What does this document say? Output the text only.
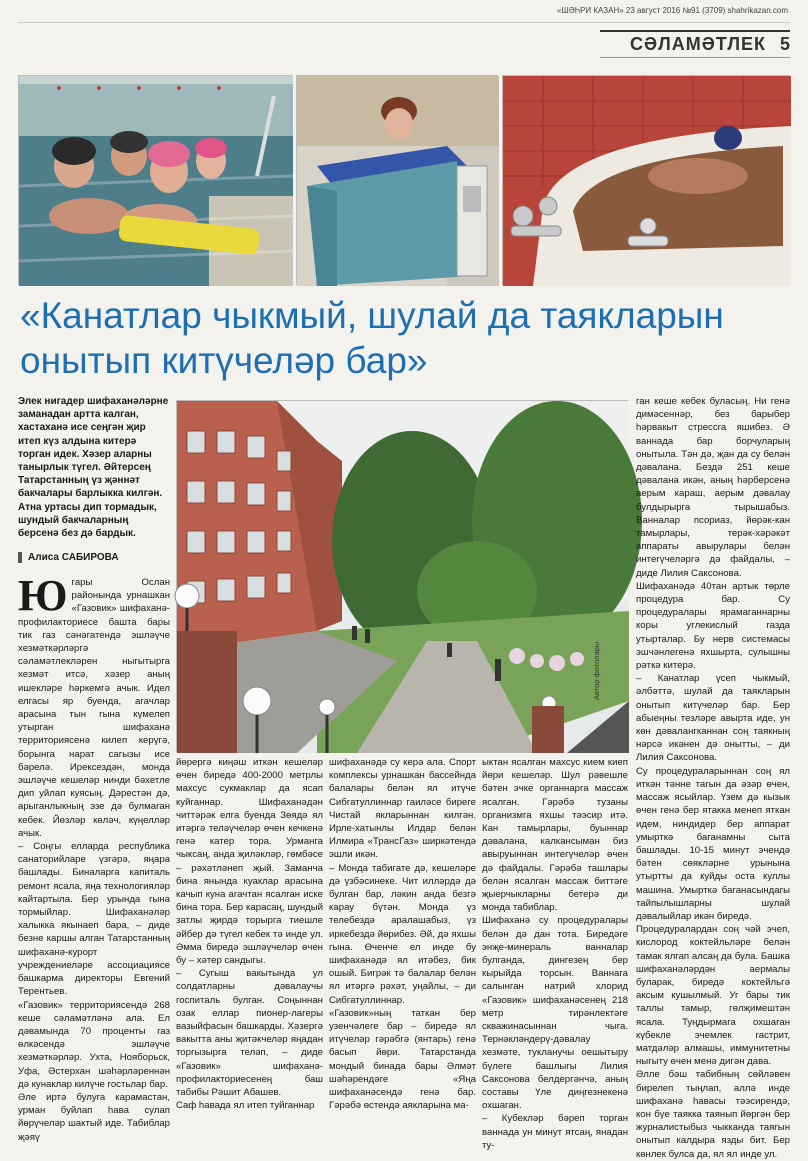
«ШӘҺРИ КАЗАН» 23 август 2016 №91 (3709) shahrikazan.com
СӘЛАМӘТЛЕК 5
«Канатлар чыкмый, шулай да таякларын онытып китүчеләр бар»
Элек нигадер шифаханәләрне заманадан артта калган, хастаханә исе сеңгән җир итеп күз алдына китерә торган идек. Хәзер аларны танырлык түгел. Әйтерсең Татарстанның үз җәннәт бакчалары барлыкка килгән. Атна уртасы дип тормадык, шундый бакчаларның берсенә без дә бардык.
Алиса САБИРОВА
Автор фотолары
Ю гары Ослан районында урнашкан «Газовик» шифаханә-профилакториесе башта бары тик газ сәнәгатендә эшләүче хезмәткәрләргә сәламәтлекләрен ныгытырга хезмәт итсә, хәзер аның ишекләре һәркемгә ачык. Идел елгасы яр буенда, агачлар арасына тын гына күмелеп утырган шифаханә территориясенә килеп керүгә, борынга нарат сагызы исе бәрелә. Ирексездән, монда эшләүче кешеләр нинди бәхетле дип уйлап куясың. Дәрестән дә, арыганлыкның эзе дә булмаган кебек. Йөзләр көләч, күңелләр ачык.

– Соңгы елларда республика санаторийларе үзгәрә, яңара башлады. Биналарга капиталь ремонт ясала, яңа технологияләр кайтартыла. Бер урында гына тормыйлар. Шифаханәләр халыкка якынаеп бара, – диде безне каршы алган Татарстанның шифаханә-курорт учреждениеләре ассоциациясе башкарма директоры Евгений Терентьев.

«Газовик» территориясендә 268 кеше сәламәтләнә ала. Ел дәвамында 70 проценты газ өлкәсендә эшләүче хезмәткәрләр. Ухта, Нояборьск, Уфа, Әстерхан шәһәрләреннән дә кунаклар килүче гостьлар бар.

Әле иртә булуга карамастан, урман буйлап һава сулап йөрүчеләр шактый иде. Табиблар җәяү

йөрергә киңәш иткән кешеләр өчен биредә 400-2000 метрлы махсус сукмаклар да ясап куйганнар. Шифаханәдән читтәрәк елга буенда Зөядә ял итәргә теләүчеләр өчен кечкенә генә катер тора. Урманга чыксаң, анда җиләкләр, гөмбәсе – рәхәтләнеп җый. Заманча бина янында куаклар арасына качып куна агачтан ясалган иске бина тора. Бер карасаң, шундый затлы җирдә торырга тиешле әйбер дә түгел кебек тә инде ул. Әмма биредә эшләүчеләр өчен бу – хәтер сандыгы.

– Сугыш вакытында ул солдатларны дәвалаучы госпиталь булган. Соңыннан озак еллар пионер-лагеры вазыйфасын башкарды. Хәзергә вакытта аны җитәкчеләр яңадан торгызырга теләп, – диде «Газовик» шифаханә-профилакториесенең баш табибы Рәшит Абашев.

Саф һавада ял итеп туйганнар

шифаханәдә су керә ала. Спорт комплексы урнашкан бассейнда балалары белән ял итүче Сибгатуллиннар гаиләсе биреге Чистай якларыннан килгән. Ирле-хатынлы Илдар белән Илмира «ТрансГаз» ширкәтендә эшли икән.

– Монда табигате дә, кешеләре дә үзбәсинеке. Чит илләрдә дә булган бар, ләкин анда безгә карау бүтән. Монда үз телебездә аралашабыз, үз иркебездә йөрибез. Әй, дә яхшы гына. Өченче ел инде бу шифаханәдә ял итәбез, бик ошый. Бигрәк тә балалар белән ял итәргә рәхәт, уңайлы, – ди Сибгатуллиннар.

«Газовик»ның таткан бер узенчәлеге бар – биредә ял итүчеләр гәрәбгә (янтарь) генә басып йөри. Татарстанда мондый бинада бары Әлмәт шәһәрендәге «Яңа шифаханәсендә генә бар. Гәрәбә өстендә аякларына ма-

ыктан ясалган махсус кием киеп йөри кешеләр. Шул рәвешле бәтен эчке органнарга массаж ясалган. Гәрәбә тузаны организмга яхшы тәэсир итә. Кан тамырлары, буыннар дәвалана, калкансыман биз авыруыннан интегүчеләр өчен дә файдалы. Гәрәбә ташлары белән ясалган массаж биттәге җыерчыкларны бетерә ди монда табиблар.

Шифаханә су процедуралары белән дә дан тота. Биредәге энҗе-минераль ванналар булганда, дингезең бер кырыйда торсын. Ваннага салынган натрий хлорид «Газовик» шифаханәсенең 218 метр тирәнлектәге скважинасыннан чыга. Тернәкләндерү-дәвалау хезмәте, тукланучы оешытыру бүлеге башлыгы Лилия Саксонова белдергәнчә, аның составы Үле диңгезнекенә охшаган.

– Кубекләр бәреп торган ваннада ун минут ятсаң, янадан ту-

ган кеше кебек буласың. Ни генә димәсеннәр, без барыбер һәрвакыт стрессга яшибез. Ә ваннада бар борчуларың онытыла. Тән дә, җан да су белән дәвалана. Бездә 251 кеше дәвалана икән, аның һәрберсенә аерым караш, аерым дәвалау булдырырга тырышабыз. Ванналар псориаз, йөрәк-кан тамырлары, терәк-хәрәкәт аппараты авырулары белән интегүчеләргә дә файдалы, – диде Лилия Саксонова.

Шифаханәдә 40тан артык төрле процедура бар. Су процедуралары ярамаганнарны коры углекислый газда утырталар. Бу нерв системасы эшчәнлегенә яхшырта, сулышны рәткә китерә.

– Канатлар үсеп чыкмый, әлбәттә, шулай да таякларын онытып китүчеләр бар. Бер абыеңны тезләре авырта иде, ун көн дәвалангканнан соң таякның нәрсә икәнен дә онытты, – ди Лилия Саксонова.

Су процедураларыннан соң ял иткән тәнне тагын да әзәр өчен, массаж ясыйлар. Үзем дә кызык өчен генә бер ятакка менеп яткан идем, ниндидер бер аппарат умырткә баганамны сыта башлады. 10-15 минут эчендә бәтен сөякләрне урынына утыртты да куйды оста куллы машина. Умырткә баганасындагы тайпылышларны шулай дәвалыйлар икән биредә.

Процедуралардан соң чәй эчеп, кислород коктейльләре белән тамак ялгап алсаң да була. Башка шифаханәләрдән аермалы буларак, биредә коктейльгә аксым кушылмый. Уг бары тик таллы тамыр, гөлҗимештән ясала. Туңдырмага охшаган күбекле эчемлек гастрит, матдәләр алмашы, иммунитетны ныгыту өчен менә дигән дава.

Әлле бәш табибның сөйләвен бирелеп тыңлап, аллә инде шифаханә һавасы тәэсирендә, кон бүе таякка таянып йөргән бер журналистыбыз чыкканда таягын онытып калдыра язды бит. Бер көнлек булса да, ял ял инде ул.
